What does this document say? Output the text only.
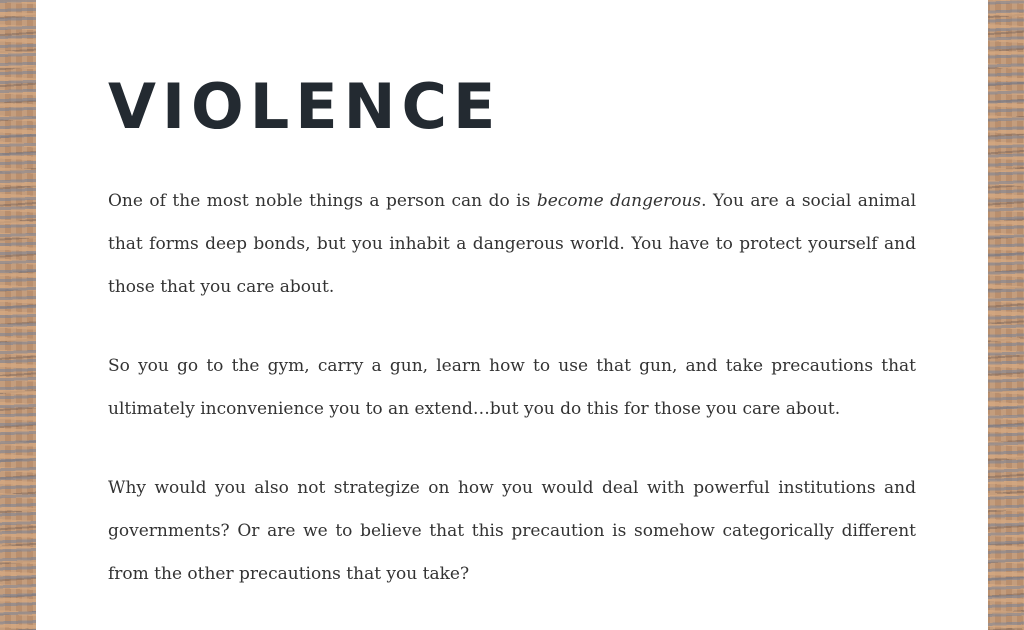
VIOLENCE

One of the most noble things a person can do is become dangerous. You are a social animal that forms deep bonds, but you inhabit a dangerous world. You have to protect yourself and those that you care about.

So you go to the gym, carry a gun, learn how to use that gun, and take precautions that ultimately inconvenience you to an extend…but you do this for those you care about.

Why would you also not strategize on how you would deal with powerful institutions and governments? Or are we to believe that this precaution is somehow categorically different from the other precautions that you take?
